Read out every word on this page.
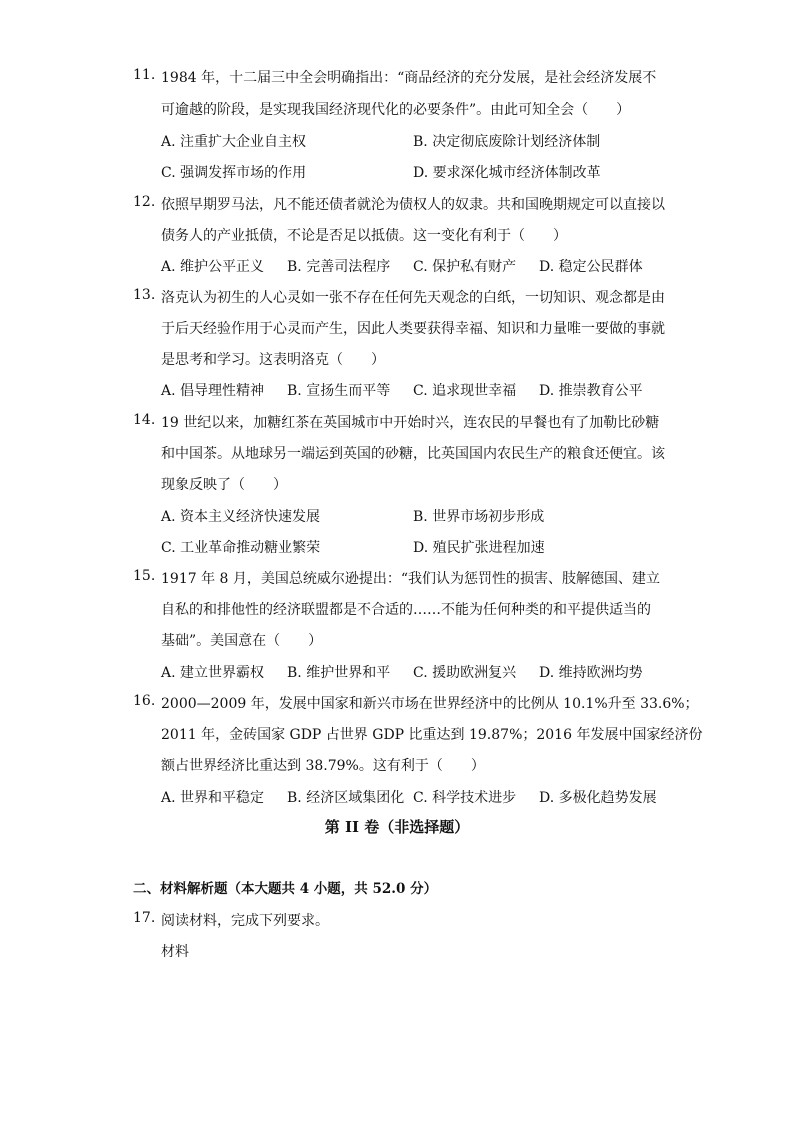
11. 1984 年，十二届三中全会明确指出：“商品经济的充分发展，是社会经济发展不
可逾越的阶段，是实现我国经济现代化的必要条件”。由此可知全会（　　）
A. 注重扩大企业自主权	B. 决定彻底废除计划经济体制
C. 强调发挥市场的作用	D. 要求深化城市经济体制改革
12. 依照早期罗马法，凡不能还债者就沦为债权人的奴隶。共和国晚期规定可以直接以
债务人的产业抵债，不论是否足以抵债。这一变化有利于（　　）
A. 维护公平正义 B. 完善司法程序 C. 保护私有财产 D. 稳定公民群体
13. 洛克认为初生的人心灵如一张不存在任何先天观念的白纸，一切知识、观念都是由
于后天经验作用于心灵而产生，因此人类要获得幸福、知识和力量唯一要做的事就
是思考和学习。这表明洛克（　　）
A. 倡导理性精神 B. 宣扬生而平等 C. 追求现世幸福 D. 推崇教育公平
14. 19 世纪以来，加糖红茶在英国城市中开始时兴，连农民的早餐也有了加勒比砂糖
和中国茶。从地球另一端运到英国的砂糖，比英国国内农民生产的粮食还便宜。该
现象反映了（　　）
A. 资本主义经济快速发展	B. 世界市场初步形成
C. 工业革命推动糖业繁荣	D. 殖民扩张进程加速
15. 1917 年 8 月，美国总统威尔逊提出：“我们认为惩罚性的损害、肢解德国、建立
自私的和排他性的经济联盟都是不合适的……不能为任何种类的和平提供适当的
基础”。美国意在（　　）
A. 建立世界霸权 B. 维护世界和平 C. 援助欧洲复兴 D. 维持欧洲均势
16. 2000—2009 年，发展中国家和新兴市场在世界经济中的比例从 10.1%升至 33.6%；
2011 年，金砖国家 GDP 占世界 GDP 比重达到 19.87%；2016 年发展中国家经济份
额占世界经济比重达到 38.79%。这有利于（　　）
A. 世界和平稳定 B. 经济区域集团化 C. 科学技术进步 D. 多极化趋势发展
第 II 卷（非选择题）
二、材料解析题（本大题共 4 小题，共 52.0 分）
17. 阅读材料，完成下列要求。
材料
